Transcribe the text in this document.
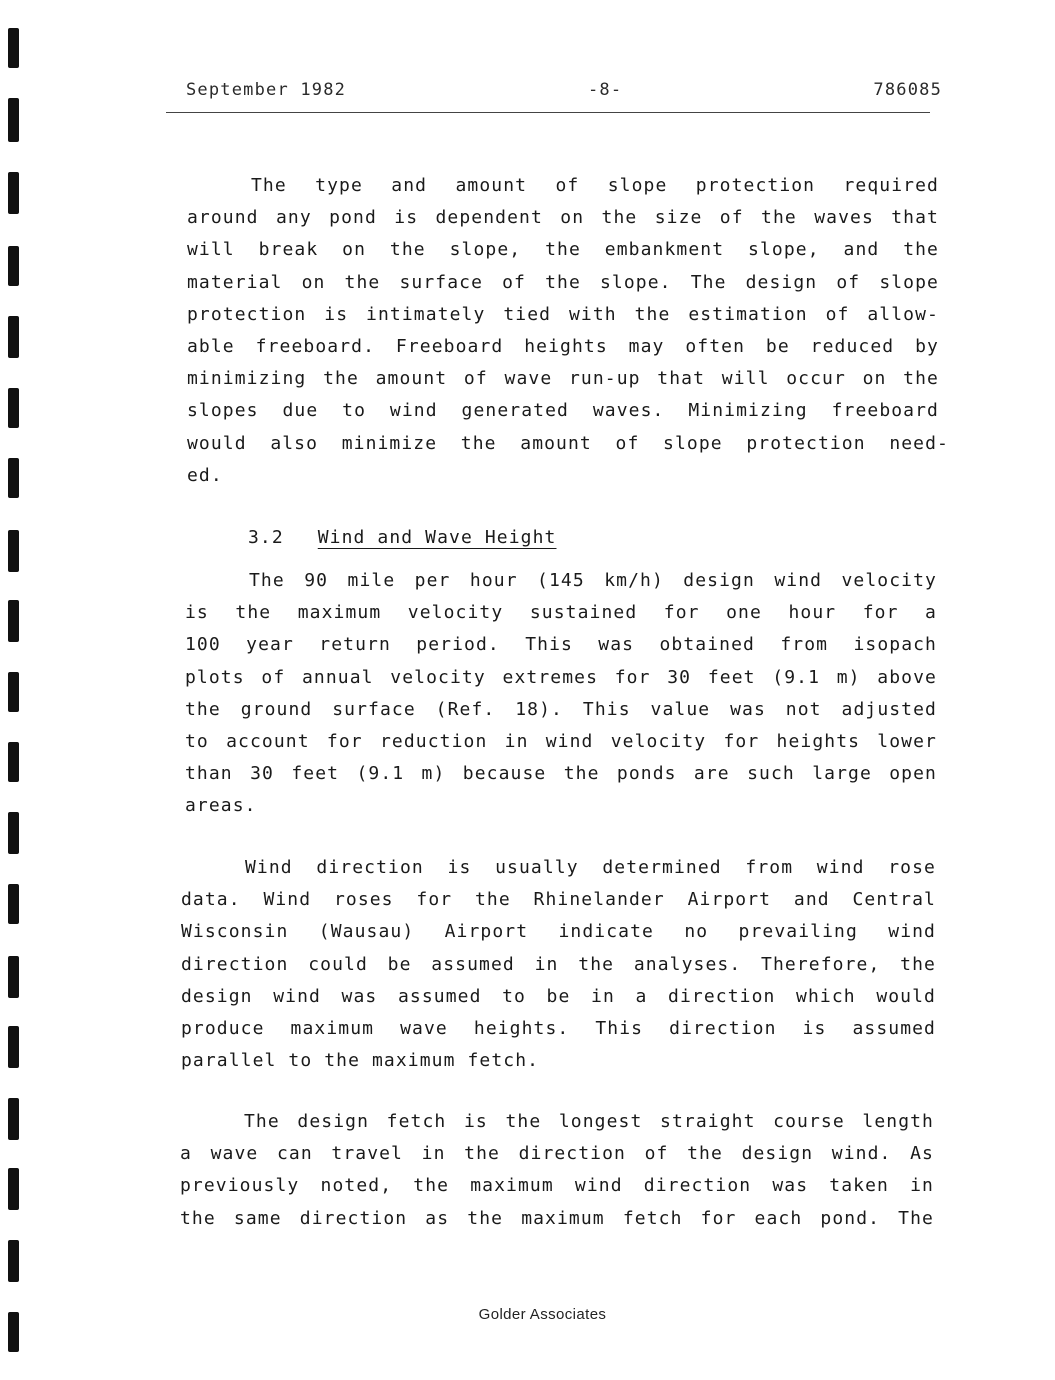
September 1982	-8-	786085
The type and amount of slope protection required
around any pond is dependent on the size of the waves that
will break on the slope, the embankment slope, and the
material on the surface of the slope. The design of slope
protection is intimately tied with the estimation of allow-
able freeboard. Freeboard heights may often be reduced by
minimizing the amount of wave run-up that will occur on the
slopes due to wind generated waves. Minimizing freeboard
would also minimize the amount of slope protection need-
ed.
3.2 Wind and Wave Height
The 90 mile per hour (145 km/h) design wind velocity
is the maximum velocity sustained for one hour for a
100 year return period. This was obtained from isopach
plots of annual velocity extremes for 30 feet (9.1 m) above
the ground surface (Ref. 18). This value was not adjusted
to account for reduction in wind velocity for heights lower
than 30 feet (9.1 m) because the ponds are such large open
areas.
Wind direction is usually determined from wind rose
data. Wind roses for the Rhinelander Airport and Central
Wisconsin (Wausau) Airport indicate no prevailing wind
direction could be assumed in the analyses. Therefore, the
design wind was assumed to be in a direction which would
produce maximum wave heights. This direction is assumed
parallel to the maximum fetch.
The design fetch is the longest straight course length
a wave can travel in the direction of the design wind. As
previously noted, the maximum wind direction was taken in
the same direction as the maximum fetch for each pond. The
Golder Associates
